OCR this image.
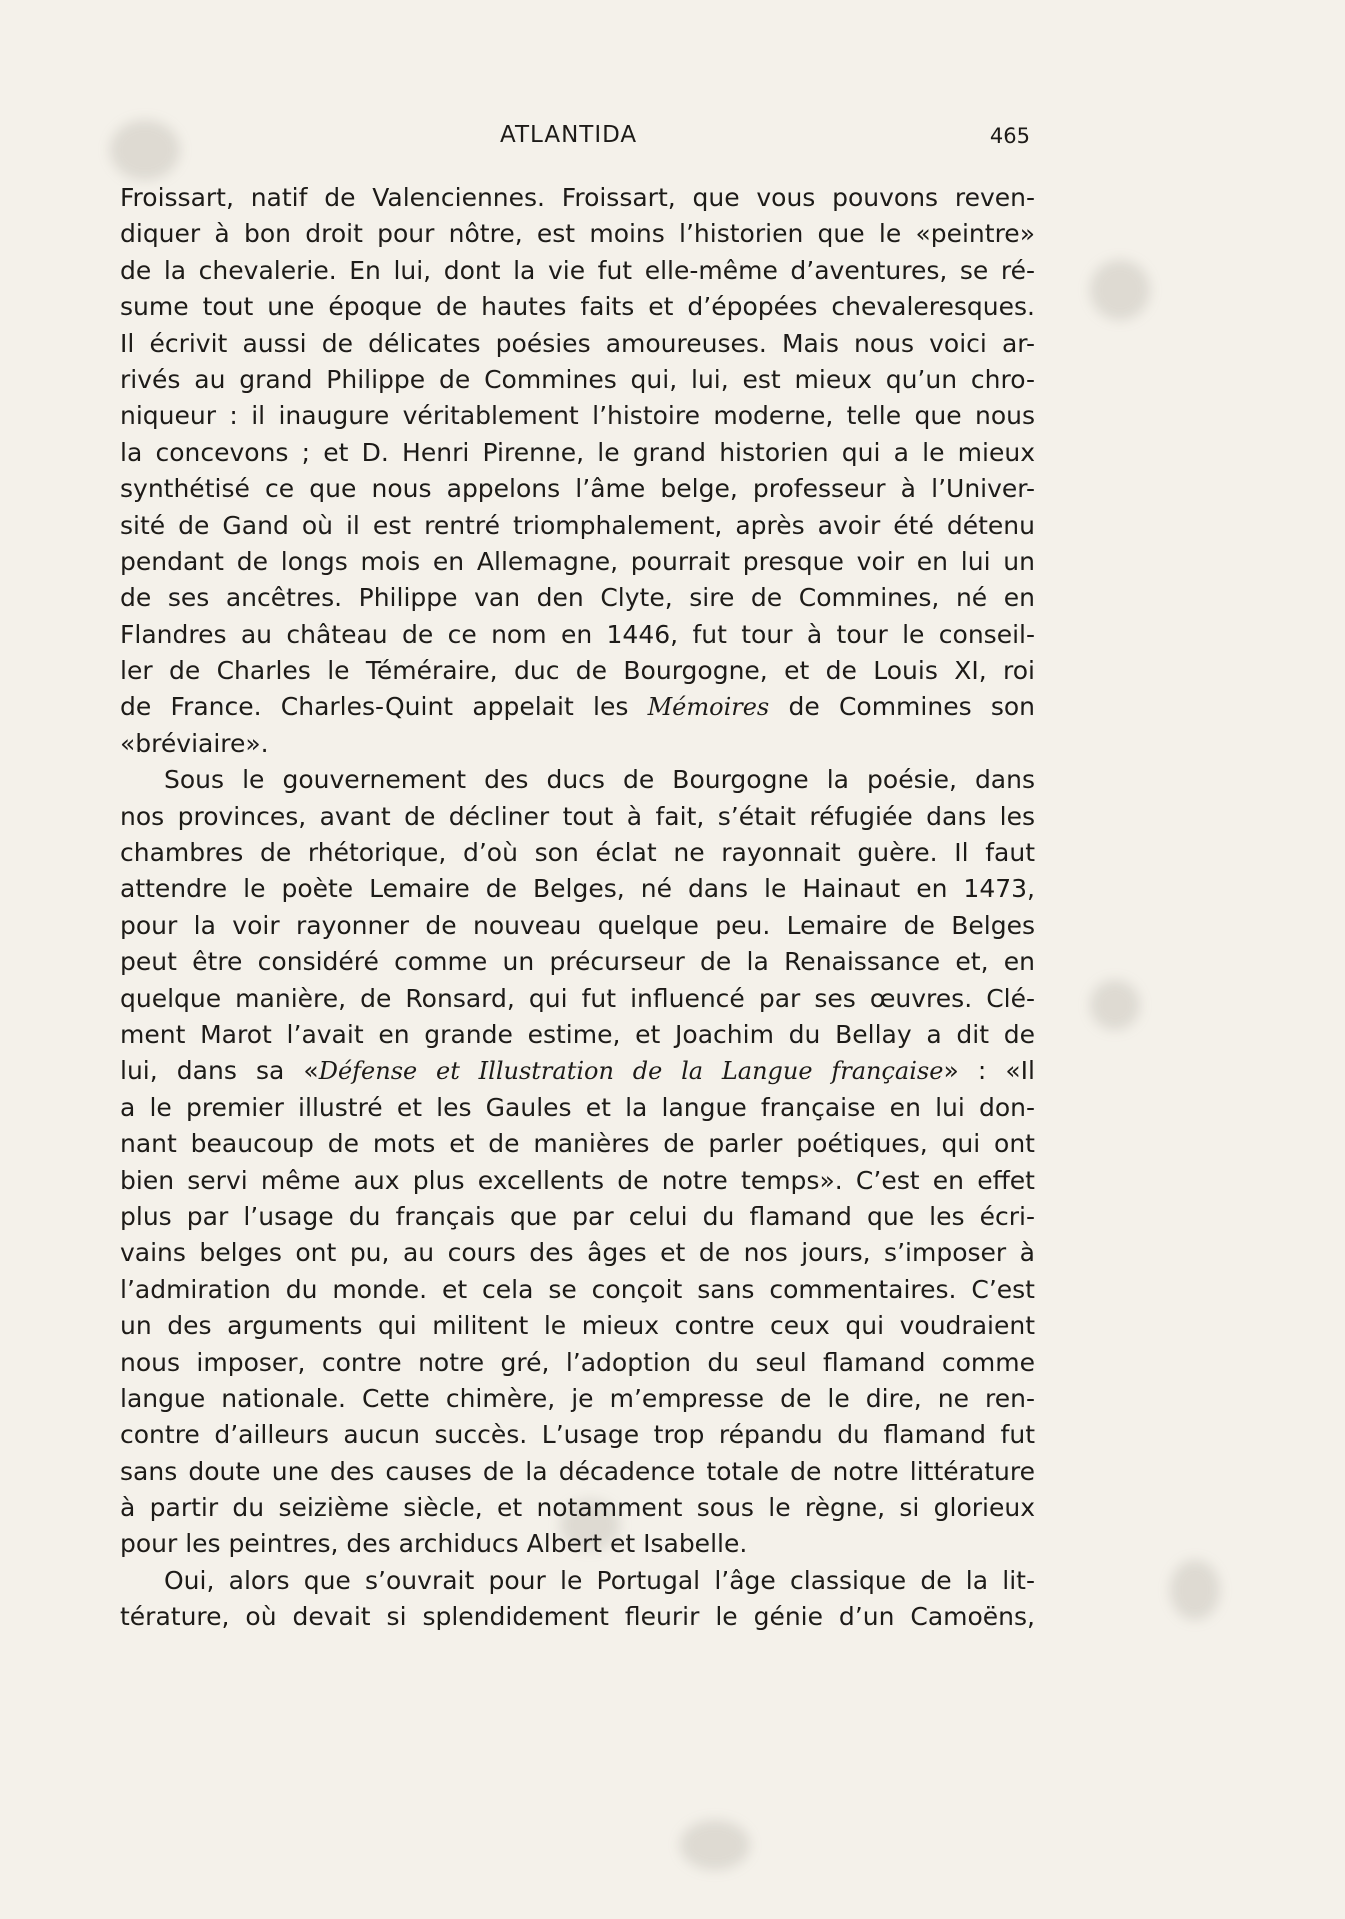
ATLANTIDA	465
Froissart, natif de Valenciennes. Froissart, que vous pouvons reven-
diquer à bon droit pour nôtre, est moins l’historien que le «peintre»
de la chevalerie. En lui, dont la vie fut elle-même d’aventures, se ré-
sume tout une époque de hautes faits et d’épopées chevaleresques.
Il écrivit aussi de délicates poésies amoureuses. Mais nous voici ar-
rivés au grand Philippe de Commines qui, lui, est mieux qu’un chro-
niqueur : il inaugure véritablement l’histoire moderne, telle que nous
la concevons ; et D. Henri Pirenne, le grand historien qui a le mieux
synthétisé ce que nous appelons l’âme belge, professeur à l’Univer-
sité de Gand où il est rentré triomphalement, après avoir été détenu
pendant de longs mois en Allemagne, pourrait presque voir en lui un
de ses ancêtres. Philippe van den Clyte, sire de Commines, né en
Flandres au château de ce nom en 1446, fut tour à tour le conseil-
ler de Charles le Téméraire, duc de Bourgogne, et de Louis XI, roi
de France. Charles-Quint appelait les Mémoires de Commines son
«bréviaire».
Sous le gouvernement des ducs de Bourgogne la poésie, dans
nos provinces, avant de décliner tout à fait, s’était réfugiée dans les
chambres de rhétorique, d’où son éclat ne rayonnait guère. Il faut
attendre le poète Lemaire de Belges, né dans le Hainaut en 1473,
pour la voir rayonner de nouveau quelque peu. Lemaire de Belges
peut être considéré comme un précurseur de la Renaissance et, en
quelque manière, de Ronsard, qui fut influencé par ses œuvres. Clé-
ment Marot l’avait en grande estime, et Joachim du Bellay a dit de
lui, dans sa «Défense et Illustration de la Langue française» : «Il
a le premier illustré et les Gaules et la langue française en lui don-
nant beaucoup de mots et de manières de parler poétiques, qui ont
bien servi même aux plus excellents de notre temps». C’est en effet
plus par l’usage du français que par celui du flamand que les écri-
vains belges ont pu, au cours des âges et de nos jours, s’imposer à
l’admiration du monde. et cela se conçoit sans commentaires. C’est
un des arguments qui militent le mieux contre ceux qui voudraient
nous imposer, contre notre gré, l’adoption du seul flamand comme
langue nationale. Cette chimère, je m’empresse de le dire, ne ren-
contre d’ailleurs aucun succès. L’usage trop répandu du flamand fut
sans doute une des causes de la décadence totale de notre littérature
à partir du seizième siècle, et notamment sous le règne, si glorieux
pour les peintres, des archiducs Albert et Isabelle.
Oui, alors que s’ouvrait pour le Portugal l’âge classique de la lit-
térature, où devait si splendidement fleurir le génie d’un Camoëns,
